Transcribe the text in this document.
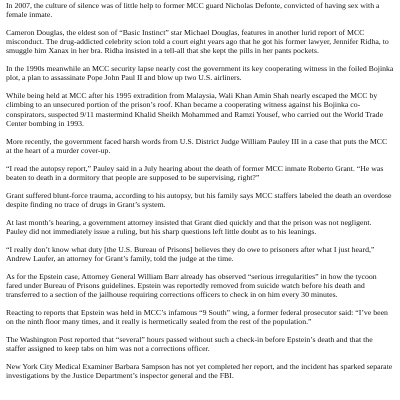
In 2007, the culture of silence was of little help to former MCC guard Nicholas Defonte, convicted of having sex with a female inmate.

Cameron Douglas, the eldest son of “Basic Instinct” star Michael Douglas, features in another lurid report of MCC misconduct. The drug-addicted celebrity scion told a court eight years ago that he got his former lawyer, Jennifer Ridha, to smuggle him Xanax in her bra. Ridha insisted in a tell-all that she kept the pills in her pants pockets.

In the 1990s meanwhile an MCC security lapse nearly cost the government its key cooperating witness in the foiled Bojinka plot, a plan to assassinate Pope John Paul II and blow up two U.S. airliners.

While being held at MCC after his 1995 extradition from Malaysia, Wali Khan Amin Shah nearly escaped the MCC by climbing to an unsecured portion of the prison’s roof. Khan became a cooperating witness against his Bojinka co-conspirators, suspected 9/11 mastermind Khalid Sheikh Mohammed and Ramzi Yousef, who carried out the World Trade Center bombing in 1993.

More recently, the government faced harsh words from U.S. District Judge William Pauley III in a case that puts the MCC at the heart of a murder cover-up.

“I read the autopsy report,” Pauley said in a July hearing about the death of former MCC inmate Roberto Grant. “He was beaten to death in a dormitory that people are supposed to be supervising, right?”

Grant suffered blunt-force trauma, according to his autopsy, but his family says MCC staffers labeled the death an overdose despite finding no trace of drugs in Grant’s system.

At last month’s hearing, a government attorney insisted that Grant died quickly and that the prison was not negligent. Pauley did not immediately issue a ruling, but his sharp questions left little doubt as to his leanings.

“I really don’t know what duty [the U.S. Bureau of Prisons] believes they do owe to prisoners after what I just heard,” Andrew Laufer, an attorney for Grant’s family, told the judge at the time.

As for the Epstein case, Attorney General William Barr already has observed “serious irregularities” in how the tycoon fared under Bureau of Prisons guidelines. Epstein was reportedly removed from suicide watch before his death and transferred to a section of the jailhouse requiring corrections officers to check in on him every 30 minutes.

Reacting to reports that Epstein was held in MCC’s infamous “9 South” wing, a former federal prosecutor said: “I’ve been on the ninth floor many times, and it really is hermetically sealed from the rest of the population.”

The Washington Post reported that “several” hours passed without such a check-in before Epstein’s death and that the staffer assigned to keep tabs on him was not a corrections officer.

New York City Medical Examiner Barbara Sampson has not yet completed her report, and the incident has sparked separate investigations by the Justice Department’s inspector general and the FBI.
